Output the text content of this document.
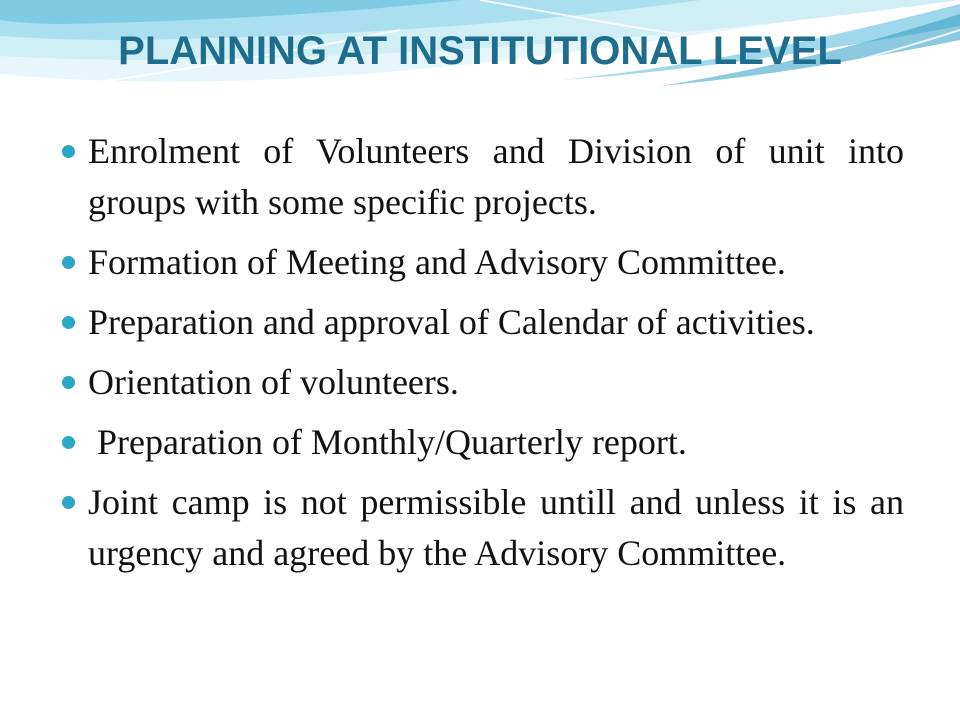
PLANNING AT INSTITUTIONAL LEVEL
Enrolment of Volunteers and Division of unit into groups with some specific projects.
Formation of Meeting and Advisory Committee.
Preparation and approval of Calendar of activities.
Orientation of volunteers.
Preparation of Monthly/Quarterly report.
Joint camp is not permissible untill and unless it is an urgency and agreed by the Advisory Committee.
